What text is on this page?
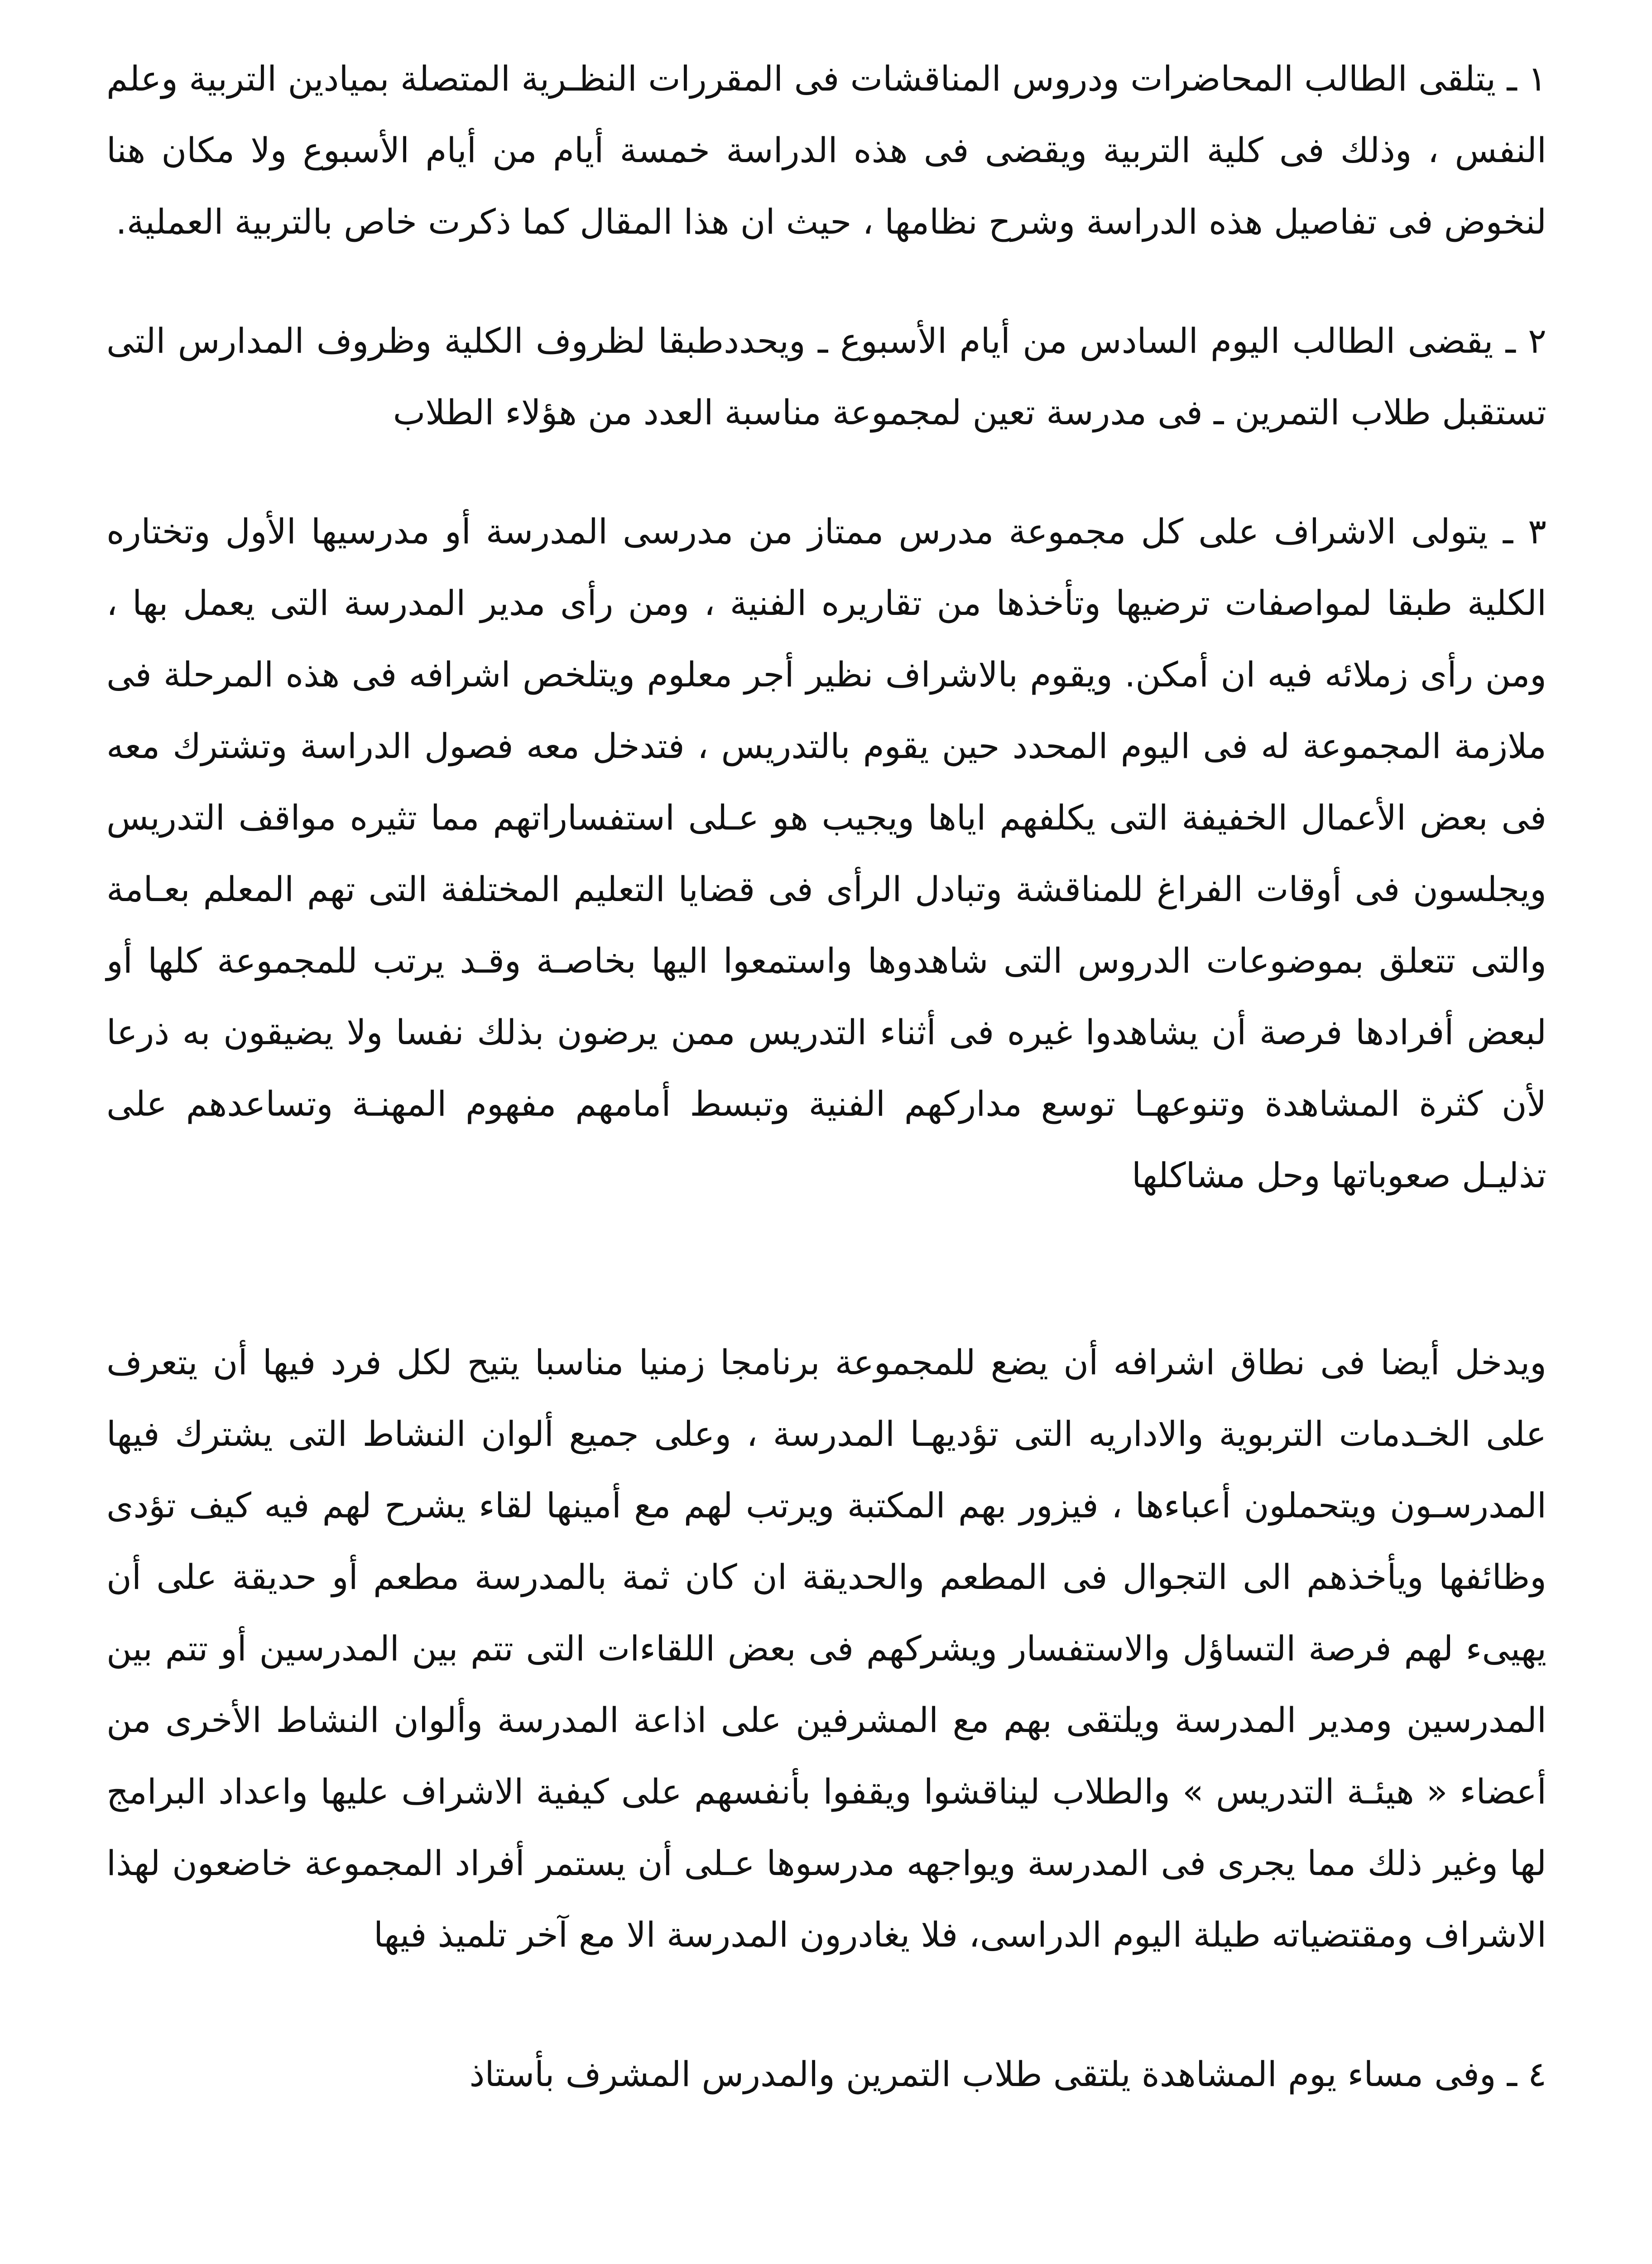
١ ـ يتلقى الطالب المحاضرات ودروس المناقشات فى المقررات النظـرية المتصلة بميادين التربية وعلم النفس ، وذلك فى كلية التربية ويقضى فى هذه الدراسة خمسة أيام من أيام الأسبوع ولا مكان هنا لنخوض فى تفاصيل هذه الدراسة وشرح نظامها ، حيث ان هذا المقال كما ذكرت خاص بالتربية العملية.

٢ ـ يقضى الطالب اليوم السادس من أيام الأسبوع ـ ويحددطبقا لظروف الكلية وظروف المدارس التى تستقبل طلاب التمرين ـ فى مدرسة تعين لمجموعة مناسبة العدد من هؤلاء الطلاب

٣ ـ يتولى الاشراف على كل مجموعة مدرس ممتاز من مدرسى المدرسة أو مدرسيها الأول وتختاره الكلية طبقا لمواصفات ترضيها وتأخذها من تقاريره الفنية ، ومن رأى مدير المدرسة التى يعمل بها ، ومن رأى زملائه فيه ان أمكن. ويقوم بالاشراف نظير أجر معلوم ويتلخص اشرافه فى هذه المرحلة فى ملازمة المجموعة له فى اليوم المحدد حين يقوم بالتدريس ، فتدخل معه فصول الدراسة وتشترك معه فى بعض الأعمال الخفيفة التى يكلفهم اياها ويجيب هو عـلى استفساراتهم مما تثيره مواقف التدريس ويجلسون فى أوقات الفراغ للمناقشة وتبادل الرأى فى قضايا التعليم المختلفة التى تهم المعلم بعـامة والتى تتعلق بموضوعات الدروس التى شاهدوها واستمعوا اليها بخاصـة وقـد يرتب للمجموعة كلها أو لبعض أفرادها فرصة أن يشاهدوا غيره فى أثناء التدريس ممن يرضون بذلك نفسا ولا يضيقون به ذرعا لأن كثرة المشاهدة وتنوعهـا توسع مداركهم الفنية وتبسط أمامهم مفهوم المهنـة وتساعدهم على تذليـل صعوباتها وحل مشاكلها

ويدخل أيضا فى نطاق اشرافه أن يضع للمجموعة برنامجا زمنيا مناسبا يتيح لكل فرد فيها أن يتعرف على الخـدمات التربوية والاداريه التى تؤديهـا المدرسة ، وعلى جميع ألوان النشاط التى يشترك فيها المدرسـون ويتحملون أعباءها ، فيزور بهم المكتبة ويرتب لهم مع أمينها لقاء يشرح لهم فيه كيف تؤدى وظائفها ويأخذهم الى التجوال فى المطعم والحديقة ان كان ثمة بالمدرسة مطعم أو حديقة على أن يهيىء لهم فرصة التساؤل والاستفسار ويشركهم فى بعض اللقاءات التى تتم بين المدرسين أو تتم بين المدرسين ومدير المدرسة ويلتقى بهم مع المشرفين على اذاعة المدرسة وألوان النشاط الأخرى من أعضاء « هيئـة التدريس » والطلاب ليناقشوا ويقفوا بأنفسهم على كيفية الاشراف عليها واعداد البرامج لها وغير ذلك مما يجرى فى المدرسة ويواجهه مدرسوها عـلى أن يستمر أفراد المجموعة خاضعون لهذا الاشراف ومقتضياته طيلة اليوم الدراسى، فلا يغادرون المدرسة الا مع آخر تلميذ فيها

٤ ـ وفى مساء يوم المشاهدة يلتقى طلاب التمرين والمدرس المشرف بأستاذ
